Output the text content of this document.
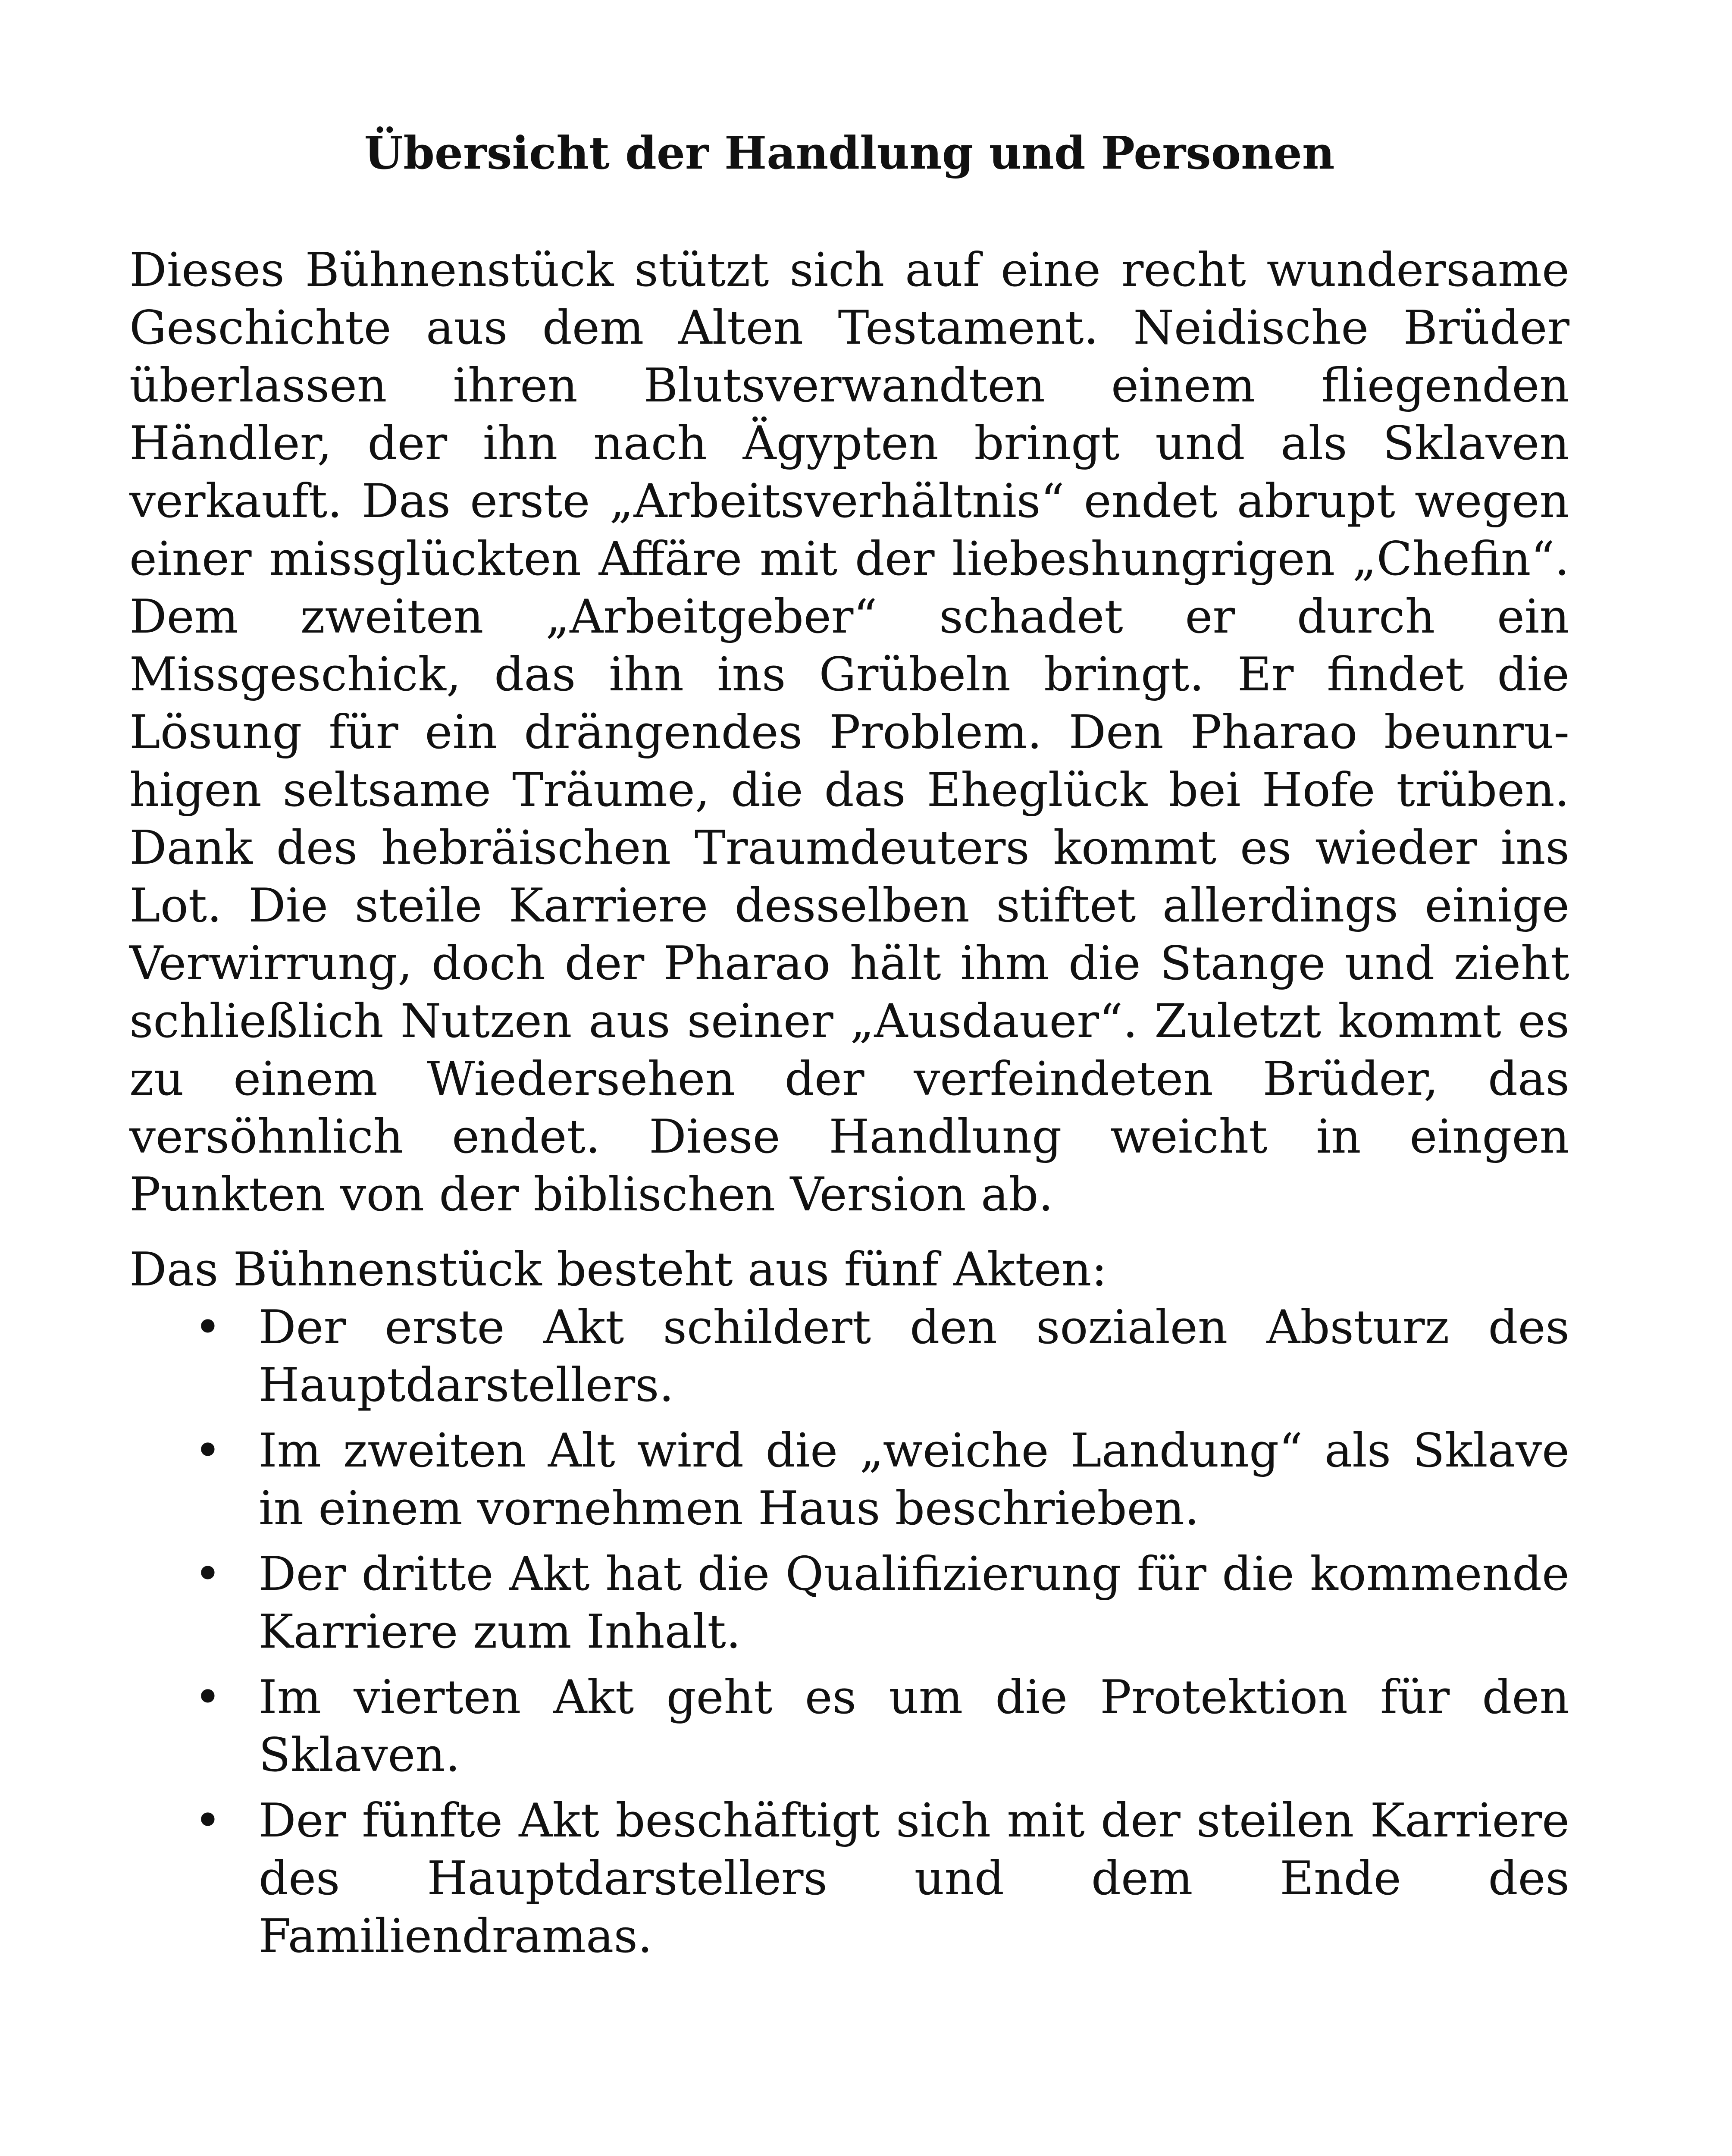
Übersicht der Handlung und Personen

Dieses Bühnenstück stützt sich auf eine recht wundersame Geschichte aus dem Alten Testament. Neidische Brüder überlassen ihren Blutsverwandten einem fliegenden Händler, der ihn nach Ägypten bringt und als Sklaven verkauft. Das erste „Arbeitsverhältnis“ endet abrupt wegen einer missglückten Affäre mit der liebeshungrigen „Chefin“. Dem zweiten „Arbeitgeber“ schadet er durch ein Missgeschick, das ihn ins Grübeln bringt. Er findet die Lösung für ein drängendes Problem. Den Pharao beunruhigen seltsame Träume, die das Eheglück bei Hofe trüben. Dank des hebräischen Traumdeuters kommt es wieder ins Lot. Die steile Karriere desselben stiftet allerdings einige Verwirrung, doch der Pharao hält ihm die Stange und zieht schließlich Nutzen aus seiner „Ausdauer“. Zuletzt kommt es zu einem Wiedersehen der verfeindeten Brüder, das versöhnlich endet. Diese Handlung weicht in eingen Punkten von der biblischen Version ab.

Das Bühnenstück besteht aus fünf Akten:

• Der erste Akt schildert den sozialen Absturz des Hauptdarstellers.
• Im zweiten Alt wird die „weiche Landung“ als Sklave in einem vornehmen Haus beschrieben.
• Der dritte Akt hat die Qualifizierung für die kommende Karriere zum Inhalt.
• Im vierten Akt geht es um die Protektion für den Sklaven.
• Der fünfte Akt beschäftigt sich mit der steilen Karriere des Hauptdarstellers und dem Ende des Familiendramas.
